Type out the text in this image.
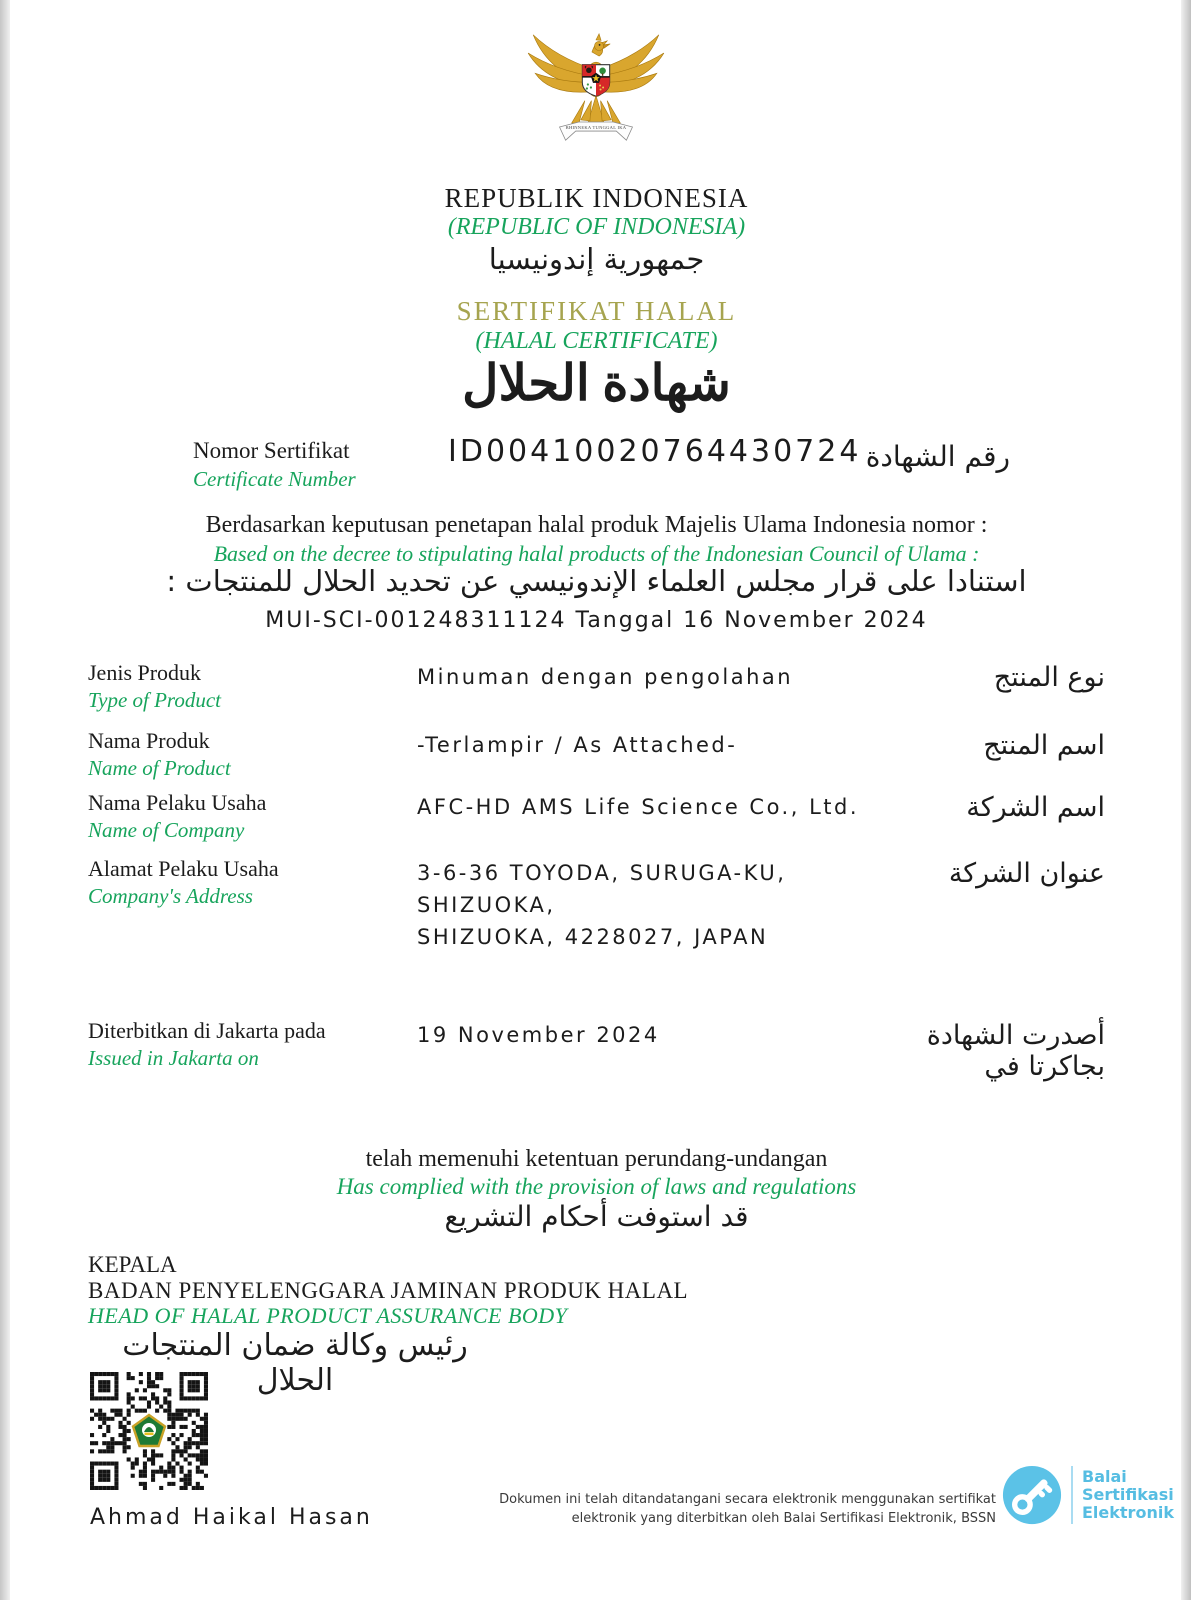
BHINNEKA TUNGGAL IKA
REPUBLIK INDONESIA
(REPUBLIC OF INDONESIA)
جمهورية إندونيسيا
SERTIFIKAT HALAL
(HALAL CERTIFICATE)
شهادة الحلال
Nomor Sertifikat
Certificate Number
ID00410020764430724 رقم الشهادة
Berdasarkan keputusan penetapan halal produk Majelis Ulama Indonesia nomor :
Based on the decree to stipulating halal products of the Indonesian Council of Ulama :
استنادا على قرار مجلس العلماء الإندونيسي عن تحديد الحلال للمنتجات :
MUI-SCI-001248311124 Tanggal 16 November 2024
Jenis Produk
Type of Product
Minuman dengan pengolahan	نوع المنتج
Nama Produk
Name of Product
-Terlampir / As Attached-	اسم المنتج
Nama Pelaku Usaha
Name of Company
AFC-HD AMS Life Science Co., Ltd.	اسم الشركة
Alamat Pelaku Usaha
Company's Address
3-6-36 TOYODA, SURUGA-KU, SHIZUOKA,
SHIZUOKA, 4228027, JAPAN
عنوان الشركة
Diterbitkan di Jakarta pada
Issued in Jakarta on
19 November 2024	أصدرت الشهادة بجاكرتا في
telah memenuhi ketentuan perundang-undangan
Has complied with the provision of laws and regulations
قد استوفت أحكام التشريع
KEPALA
BADAN PENYELENGGARA JAMINAN PRODUK HALAL
HEAD OF HALAL PRODUCT ASSURANCE BODY
رئيس وكالة ضمان المنتجات الحلال
Ahmad Haikal Hasan
Dokumen ini telah ditandatangani secara elektronik menggunakan sertifikat
elektronik yang diterbitkan oleh Balai Sertifikasi Elektronik, BSSN
Balai
Sertifikasi
Elektronik
